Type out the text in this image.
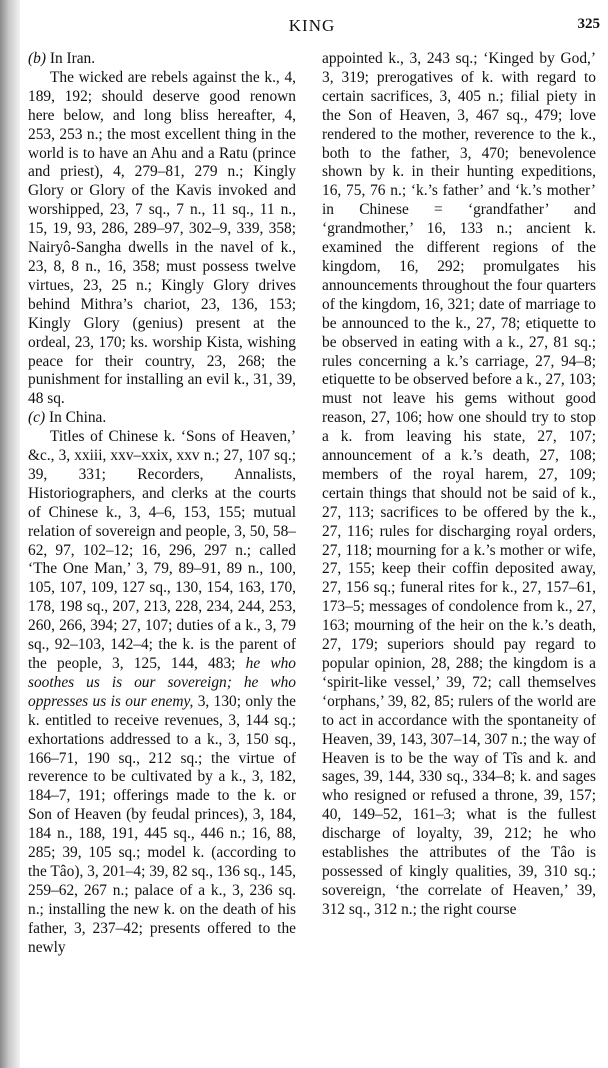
KING	325

(b) In Iran.

The wicked are rebels against the k., 4, 189, 192; should deserve good renown here below, and long bliss hereafter, 4, 253, 253 n.; the most excellent thing in the world is to have an Ahu and a Ratu (prince and priest), 4, 279–81, 279 n.; Kingly Glory or Glory of the Kavis invoked and worshipped, 23, 7 sq., 7 n., 11 sq., 11 n., 15, 19, 93, 286, 289–97, 302–9, 339, 358; Nairyô-Sangha dwells in the navel of k., 23, 8, 8 n., 16, 358; must possess twelve virtues, 23, 25 n.; Kingly Glory drives behind Mithra’s chariot, 23, 136, 153; Kingly Glory (genius) present at the ordeal, 23, 170; ks. worship Kista, wishing peace for their country, 23, 268; the punishment for installing an evil k., 31, 39, 48 sq.

(c) In China.

Titles of Chinese k. ‘Sons of Heaven,’ &c., 3, xxiii, xxv–xxix, xxv n.; 27, 107 sq.; 39, 331; Recorders, Annalists, Historiographers, and clerks at the courts of Chinese k., 3, 4–6, 153, 155; mutual relation of sovereign and people, 3, 50, 58–62, 97, 102–12; 16, 296, 297 n.; called ‘The One Man,’ 3, 79, 89–91, 89 n., 100, 105, 107, 109, 127 sq., 130, 154, 163, 170, 178, 198 sq., 207, 213, 228, 234, 244, 253, 260, 266, 394; 27, 107; duties of a k., 3, 79 sq., 92–103, 142–4; the k. is the parent of the people, 3, 125, 144, 483; he who soothes us is our sovereign; he who oppresses us is our enemy, 3, 130; only the k. entitled to receive revenues, 3, 144 sq.; exhortations addressed to a k., 3, 150 sq., 166–71, 190 sq., 212 sq.; the virtue of reverence to be cultivated by a k., 3, 182, 184–7, 191; offerings made to the k. or Son of Heaven (by feudal princes), 3, 184, 184 n., 188, 191, 445 sq., 446 n.; 16, 88, 285; 39, 105 sq.; model k. (according to the Tâo), 3, 201–4; 39, 82 sq., 136 sq., 145, 259–62, 267 n.; palace of a k., 3, 236 sq. n.; installing the new k. on the death of his father, 3, 237–42; presents offered to the newly

appointed k., 3, 243 sq.; ‘Kinged by God,’ 3, 319; prerogatives of k. with regard to certain sacrifices, 3, 405 n.; filial piety in the Son of Heaven, 3, 467 sq., 479; love rendered to the mother, reverence to the k., both to the father, 3, 470; benevolence shown by k. in their hunting expeditions, 16, 75, 76 n.; ‘k.’s father’ and ‘k.’s mother’ in Chinese = ‘grandfather’ and ‘grandmother,’ 16, 133 n.; ancient k. examined the different regions of the kingdom, 16, 292; promulgates his announcements throughout the four quarters of the kingdom, 16, 321; date of marriage to be announced to the k., 27, 78; etiquette to be observed in eating with a k., 27, 81 sq.; rules concerning a k.’s carriage, 27, 94–8; etiquette to be observed before a k., 27, 103; must not leave his gems without good reason, 27, 106; how one should try to stop a k. from leaving his state, 27, 107; announcement of a k.’s death, 27, 108; members of the royal harem, 27, 109; certain things that should not be said of k., 27, 113; sacrifices to be offered by the k., 27, 116; rules for discharging royal orders, 27, 118; mourning for a k.’s mother or wife, 27, 155; keep their coffin deposited away, 27, 156 sq.; funeral rites for k., 27, 157–61, 173–5; messages of condolence from k., 27, 163; mourning of the heir on the k.’s death, 27, 179; superiors should pay regard to popular opinion, 28, 288; the kingdom is a ‘spirit-like vessel,’ 39, 72; call themselves ‘orphans,’ 39, 82, 85; rulers of the world are to act in accordance with the spontaneity of Heaven, 39, 143, 307–14, 307 n.; the way of Heaven is to be the way of Tîs and k. and sages, 39, 144, 330 sq., 334–8; k. and sages who resigned or refused a throne, 39, 157; 40, 149–52, 161–3; what is the fullest discharge of loyalty, 39, 212; he who establishes the attributes of the Tâo is possessed of kingly qualities, 39, 310 sq.; sovereign, ‘the correlate of Heaven,’ 39, 312 sq., 312 n.; the right course
